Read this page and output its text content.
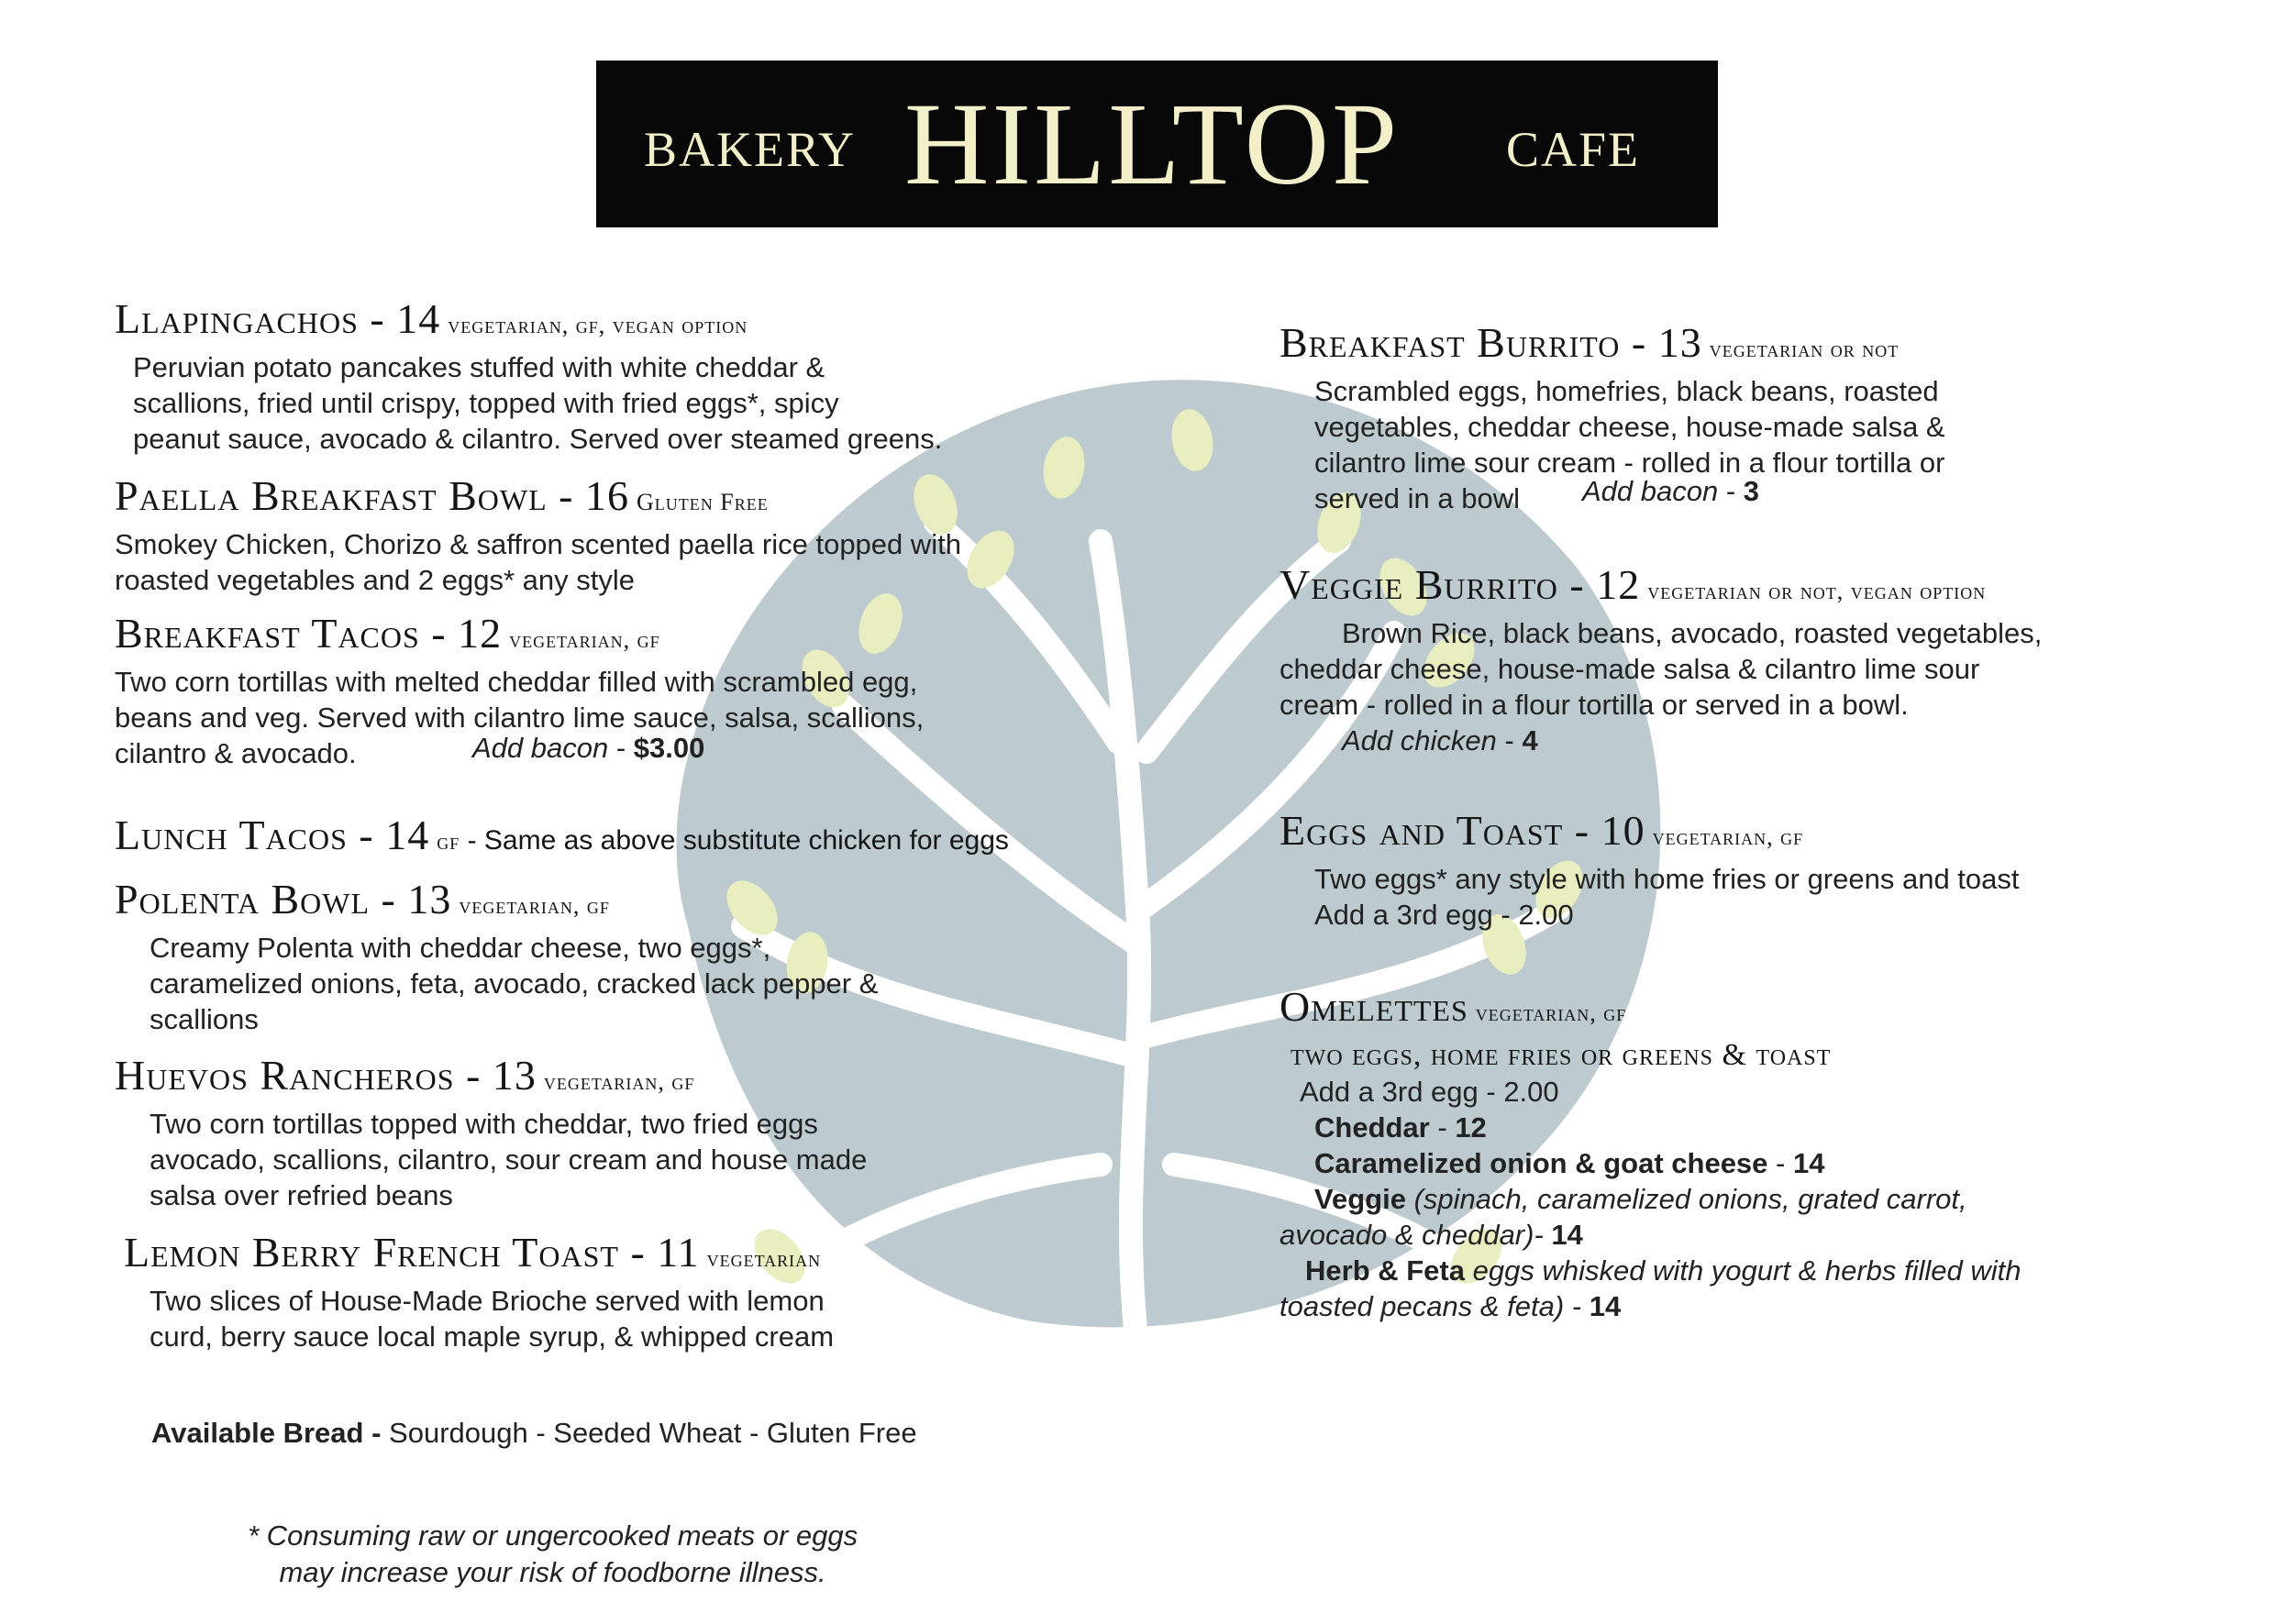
BAKERY HILLTOP CAFE
Llapingachos - 14 vegetarian, gf, vegan option
Peruvian potato pancakes stuffed with white cheddar &
scallions, fried until crispy, topped with fried eggs*, spicy
peanut sauce, avocado & cilantro. Served over steamed greens.
Paella Breakfast Bowl - 16 Gluten Free
Smokey Chicken, Chorizo & saffron scented paella rice topped with
roasted vegetables and 2 eggs* any style
Breakfast Tacos - 12 vegetarian, gf
Two corn tortillas with melted cheddar filled with scrambled egg,
beans and veg. Served with cilantro lime sauce, salsa, scallions,
cilantro & avocado.	Add bacon - $3.00
Lunch Tacos - 14 gf - Same as above substitute chicken for eggs
Polenta Bowl - 13 vegetarian, gf
Creamy Polenta with cheddar cheese, two eggs*,
caramelized onions, feta, avocado, cracked lack pepper &
scallions
Huevos Rancheros - 13 vegetarian, gf
Two corn tortillas topped with cheddar, two fried eggs
avocado, scallions, cilantro, sour cream and house made
salsa over refried beans
Lemon Berry French Toast - 11 vegetarian
Two slices of House-Made Brioche served with lemon
curd, berry sauce local maple syrup, & whipped cream
Available Bread - Sourdough - Seeded Wheat - Gluten Free
* Consuming raw or ungercooked meats or eggs
may increase your risk of foodborne illness.
Breakfast Burrito - 13 vegetarian or not
Scrambled eggs, homefries, black beans, roasted
vegetables, cheddar cheese, house-made salsa &
cilantro lime sour cream - rolled in a flour tortilla or
served in a bowl	Add bacon - 3
Veggie Burrito - 12 vegetarian or not, vegan option
Brown Rice, black beans, avocado, roasted vegetables,
cheddar cheese, house-made salsa & cilantro lime sour
cream - rolled in a flour tortilla or served in a bowl.
Add chicken - 4
Eggs and Toast - 10 vegetarian, gf
Two eggs* any style with home fries or greens and toast
Add a 3rd egg - 2.00
Omelettes vegetarian, gf
two eggs, home fries or greens & toast
Add a 3rd egg - 2.00
Cheddar - 12
Caramelized onion & goat cheese - 14
Veggie (spinach, caramelized onions, grated carrot,
avocado & cheddar)- 14
Herb & Feta eggs whisked with yogurt & herbs filled with
toasted pecans & feta) - 14
